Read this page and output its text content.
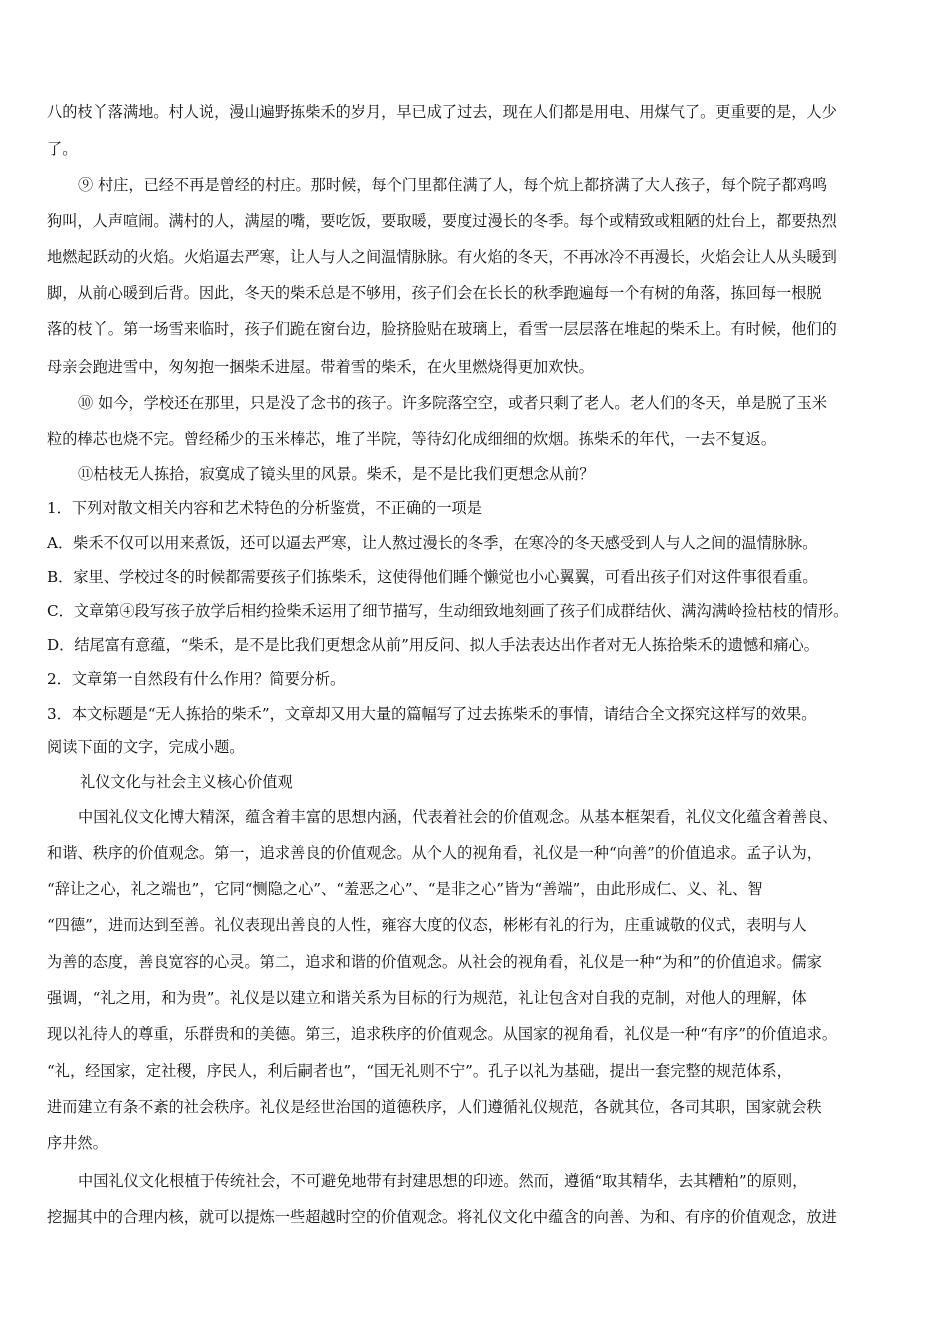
八的枝丫落满地。村人说，漫山遍野拣柴禾的岁月，早已成了过去，现在人们都是用电、用煤气了。更重要的是，人少
了。
⑨ 村庄，已经不再是曾经的村庄。那时候，每个门里都住满了人，每个炕上都挤满了大人孩子，每个院子都鸡鸣
狗叫，人声喧闹。满村的人，满屋的嘴，要吃饭，要取暖，要度过漫长的冬季。每个或精致或粗陋的灶台上，都要热烈
地燃起跃动的火焰。火焰逼去严寒，让人与人之间温情脉脉。有火焰的冬天，不再冰冷不再漫长，火焰会让人从头暖到
脚，从前心暖到后背。因此，冬天的柴禾总是不够用，孩子们会在长长的秋季跑遍每一个有树的角落，拣回每一根脱
落的枝丫。第一场雪来临时，孩子们跪在窗台边，脸挤脸贴在玻璃上，看雪一层层落在堆起的柴禾上。有时候，他们的
母亲会跑进雪中，匆匆抱一捆柴禾进屋。带着雪的柴禾，在火里燃烧得更加欢快。
⑩ 如今，学校还在那里，只是没了念书的孩子。许多院落空空，或者只剩了老人。老人们的冬天，单是脱了玉米
粒的棒芯也烧不完。曾经稀少的玉米棒芯，堆了半院，等待幻化成细细的炊烟。拣柴禾的年代，一去不复返。
⑪枯枝无人拣拾，寂寞成了镜头里的风景。柴禾，是不是比我们更想念从前？
1．下列对散文相关内容和艺术特色的分析鉴赏，不正确的一项是
A．柴禾不仅可以用来煮饭，还可以逼去严寒，让人熬过漫长的冬季，在寒冷的冬天感受到人与人之间的温情脉脉。
B．家里、学校过冬的时候都需要孩子们拣柴禾，这使得他们睡个懒觉也小心翼翼，可看出孩子们对这件事很看重。
C．文章第④段写孩子放学后相约捡柴禾运用了细节描写，生动细致地刻画了孩子们成群结伙、满沟满岭捡枯枝的情形。
D．结尾富有意蕴，“柴禾，是不是比我们更想念从前”用反问、拟人手法表达出作者对无人拣拾柴禾的遗憾和痛心。
2．文章第一自然段有什么作用？简要分析。
3．本文标题是“无人拣拾的柴禾”，文章却又用大量的篇幅写了过去拣柴禾的事情，请结合全文探究这样写的效果。
阅读下面的文字，完成小题。
礼仪文化与社会主义核心价值观
中国礼仪文化博大精深，蕴含着丰富的思想内涵，代表着社会的价值观念。从基本框架看，礼仪文化蕴含着善良、
和谐、秩序的价值观念。第一，追求善良的价值观念。从个人的视角看，礼仪是一种“向善”的价值追求。孟子认为，
“辞让之心，礼之端也”，它同“恻隐之心”、“羞恶之心”、“是非之心”皆为“善端”，由此形成仁、义、礼、智
“四德”，进而达到至善。礼仪表现出善良的人性，雍容大度的仪态，彬彬有礼的行为，庄重诚敬的仪式，表明与人
为善的态度，善良宽容的心灵。第二，追求和谐的价值观念。从社会的视角看，礼仪是一种“为和”的价值追求。儒家
强调，“礼之用，和为贵”。礼仪是以建立和谐关系为目标的行为规范，礼让包含对自我的克制，对他人的理解，体
现以礼待人的尊重，乐群贵和的美德。第三，追求秩序的价值观念。从国家的视角看，礼仪是一种“有序”的价值追求。
“礼，经国家，定社稷，序民人，利后嗣者也”，“国无礼则不宁”。孔子以礼为基础，提出一套完整的规范体系，
进而建立有条不紊的社会秩序。礼仪是经世治国的道德秩序，人们遵循礼仪规范，各就其位，各司其职，国家就会秩
序井然。
中国礼仪文化根植于传统社会，不可避免地带有封建思想的印迹。然而，遵循“取其精华，去其糟粕”的原则，
挖掘其中的合理内核，就可以提炼一些超越时空的价值观念。将礼仪文化中蕴含的向善、为和、有序的价值观念，放进
